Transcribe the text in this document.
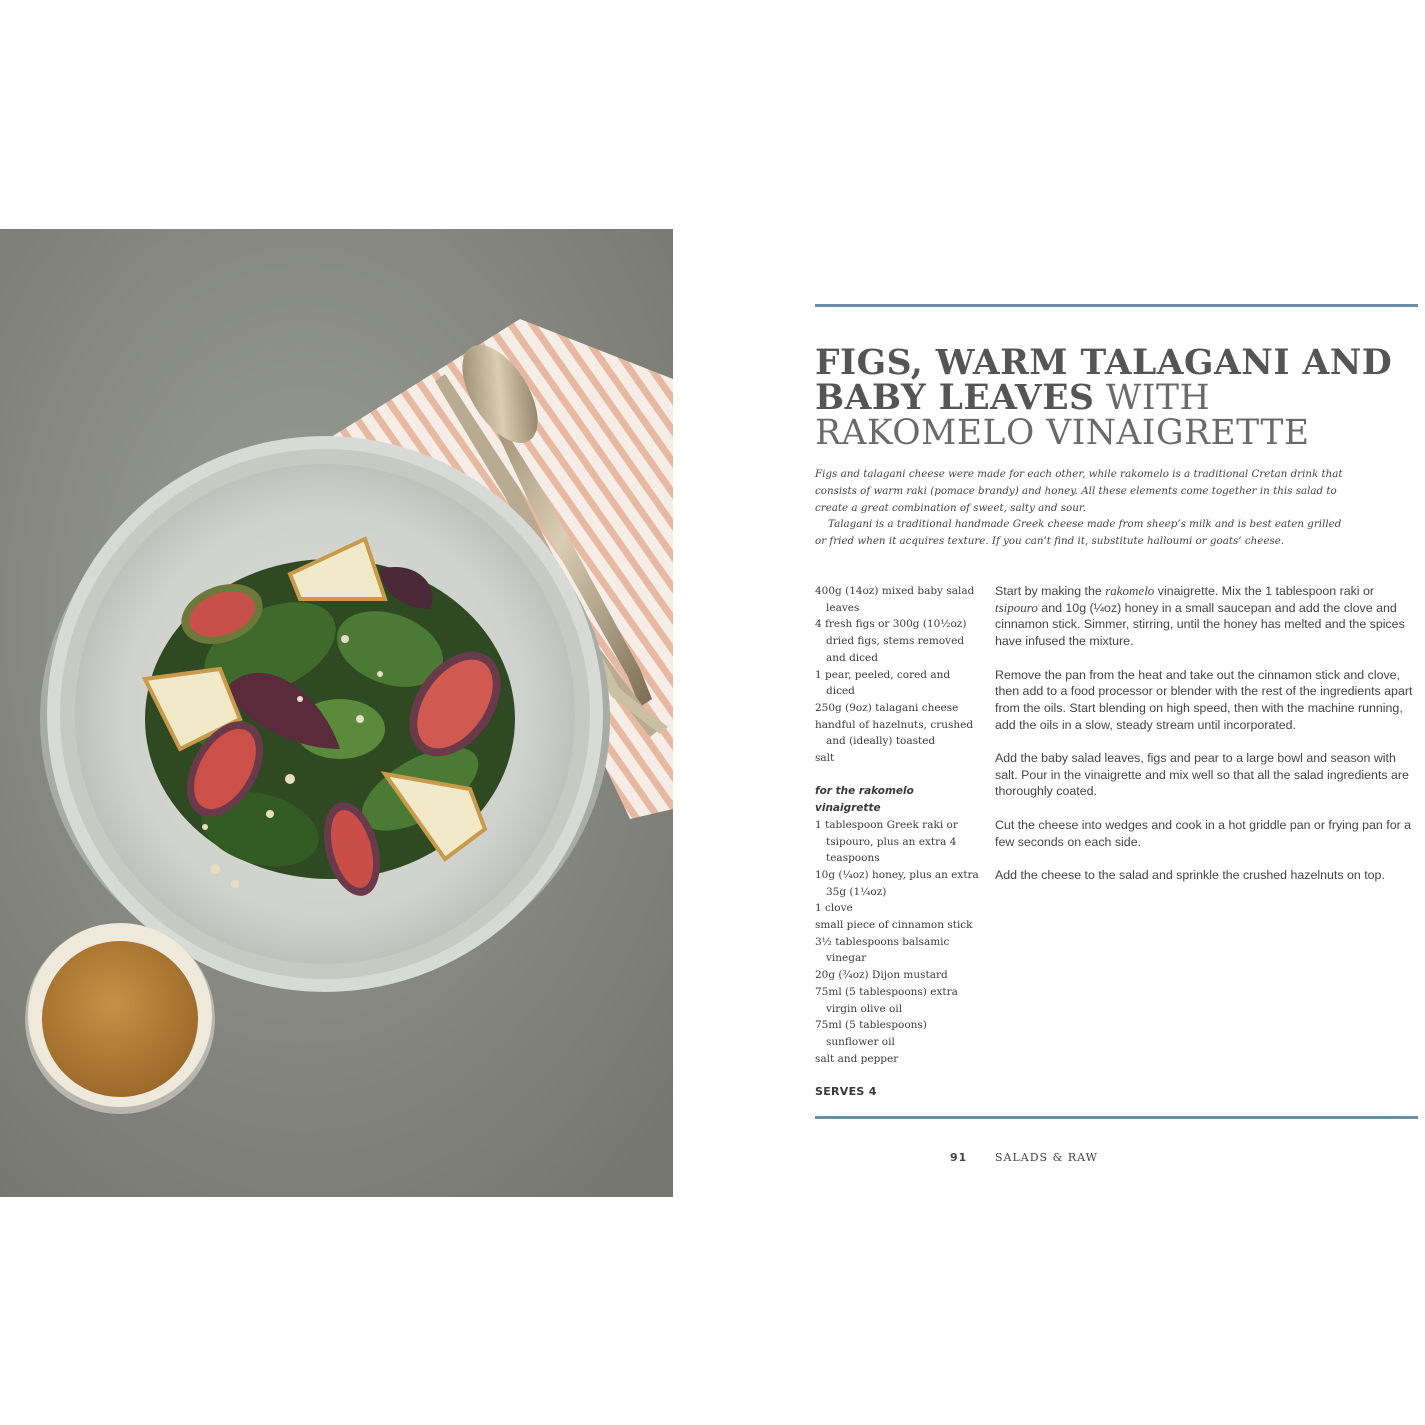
FIGS, WARM TALAGANI AND BABY LEAVES WITH
RAKOMELO VINAIGRETTE

Figs and talagani cheese were made for each other, while rakomelo is a traditional Cretan drink that consists of warm raki (pomace brandy) and honey. All these elements come together in this salad to create a great combination of sweet, salty and sour.

Talagani is a traditional handmade Greek cheese made from sheep’s milk and is best eaten grilled or fried when it acquires texture. If you can’t find it, substitute halloumi or goats’ cheese.

400g (14oz) mixed baby salad leaves
4 fresh figs or 300g (10½oz) dried figs, stems removed and diced
1 pear, peeled, cored and diced
250g (9oz) talagani cheese
handful of hazelnuts, crushed and (ideally) toasted
salt
for the rakomelo vinaigrette
1 tablespoon Greek raki or tsipouro, plus an extra 4 teaspoons
10g (¼oz) honey, plus an extra 35g (1¼oz)
1 clove
small piece of cinnamon stick
3½ tablespoons balsamic vinegar
20g (¾oz) Dijon mustard
75ml (5 tablespoons) extra virgin olive oil
75ml (5 tablespoons) sunflower oil
salt and pepper
SERVES 4

Start by making the rakomelo vinaigrette. Mix the 1 tablespoon raki or tsipouro and 10g (¼oz) honey in a small saucepan and add the clove and cinnamon stick. Simmer, stirring, until the honey has melted and the spices have infused the mixture.

Remove the pan from the heat and take out the cinnamon stick and clove, then add to a food processor or blender with the rest of the ingredients apart from the oils. Start blending on high speed, then with the machine running, add the oils in a slow, steady stream until incorporated.

Add the baby salad leaves, figs and pear to a large bowl and season with salt. Pour in the vinaigrette and mix well so that all the salad ingredients are thoroughly coated.

Cut the cheese into wedges and cook in a hot griddle pan or frying pan for a few seconds on each side.

Add the cheese to the salad and sprinkle the crushed hazelnuts on top.

91	SALADS & RAW
